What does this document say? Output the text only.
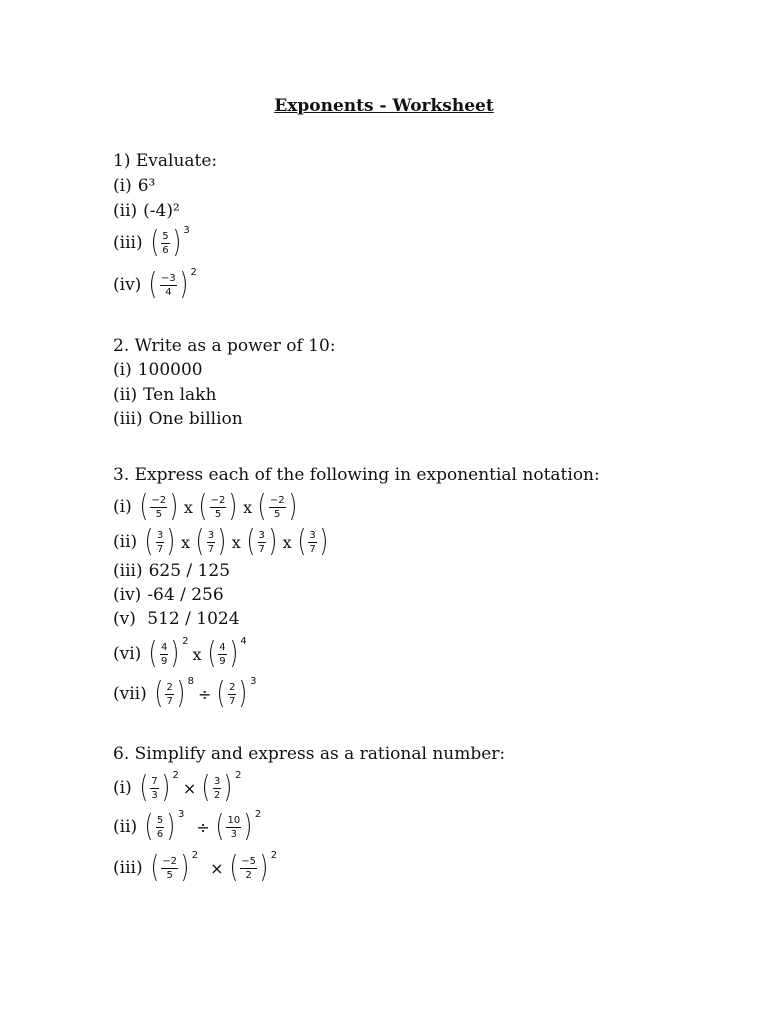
Exponents - Worksheet
1) Evaluate:
(i) 6³
(ii) (-4)²
(iii) ( $\frac{5}{6}$ ) 3
(iv) ( $\frac{-3}{4}$ ) 2
2. Write as a power of 10:
(i) 100000
(ii) Ten lakh
(iii) One billion
3. Express each of the following in exponential notation:
(i) ( $\frac{-2}{5}$ ) x ( $\frac{-2}{5}$ ) x ( $\frac{-2}{5}$ )
(ii) ( $\frac{3}{7}$ ) x ( $\frac{3}{7}$ ) x ( $\frac{3}{7}$ ) x ( $\frac{3}{7}$ )
(iii) 625 / 125
(iv) -64 / 256
(v) 512 / 1024
(vi) ( $\frac{4}{9}$ ) 2
x ( $\frac{4}{9}$ ) 4
(vii) ( $\frac{2}{7}$ ) 8
÷ ( $\frac{2}{7}$ ) 3
6. Simplify and express as a rational number:
(i) ( $\frac{7}{3}$ ) 2
× ( $\frac{3}{2}$ ) 2
(ii) ( $\frac{5}{6}$ ) 3
÷ ( $\frac{10}{3}$ ) 2
(iii) ( $\frac{-2}{5}$ ) 2
× ( $\frac{-5}{2}$ ) 2
